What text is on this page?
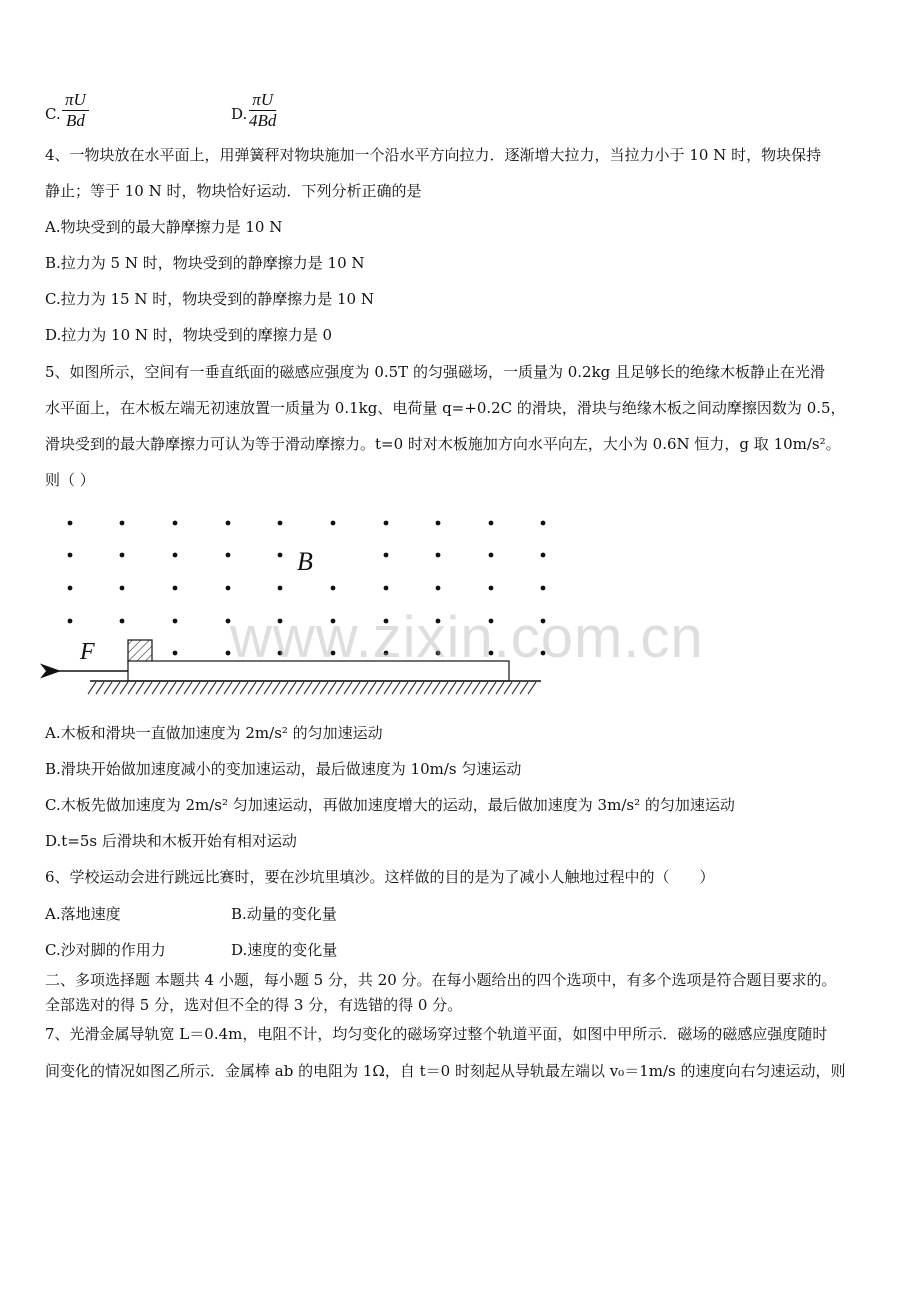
C. $\frac{\pi U}{Bd}$	D. $\frac{\pi U}{4Bd}$
4、一物块放在水平面上，用弹簧秤对物块施加一个沿水平方向拉力．逐渐增大拉力，当拉力小于 10 N 时，物块保持
静止；等于 10 N 时，物块恰好运动．下列分析正确的是
A.物块受到的最大静摩擦力是 10 N
B.拉力为 5 N 时，物块受到的静摩擦力是 10 N
C.拉力为 15 N 时，物块受到的静摩擦力是 10 N
D.拉力为 10 N 时，物块受到的摩擦力是 0
5、如图所示，空间有一垂直纸面的磁感应强度为 0.5T 的匀强磁场，一质量为 0.2kg 且足够长的绝缘木板静止在光滑
水平面上，在木板左端无初速放置一质量为 0.1kg、电荷量 q=+0.2C 的滑块，滑块与绝缘木板之间动摩擦因数为 0.5，
滑块受到的最大静摩擦力可认为等于滑动摩擦力。t=0 时对木板施加方向水平向左，大小为 0.6N 恒力，g 取 10m/s²。
则（ ）
B
F www.zixin.com.cn
A.木板和滑块一直做加速度为 2m/s² 的匀加速运动
B.滑块开始做加速度减小的变加速运动，最后做速度为 10m/s 匀速运动
C.木板先做加速度为 2m/s² 匀加速运动，再做加速度增大的运动，最后做加速度为 3m/s² 的匀加速运动
D.t=5s 后滑块和木板开始有相对运动
6、学校运动会进行跳远比赛时，要在沙坑里填沙。这样做的目的是为了减小人触地过程中的（　　）
A.落地速度	B.动量的变化量
C.沙对脚的作用力	D.速度的变化量
二、多项选择题 本题共 4 小题，每小题 5 分，共 20 分。在每小题给出的四个选项中，有多个选项是符合题目要求的。
全部选对的得 5 分，选对但不全的得 3 分，有选错的得 0 分。
7、光滑金属导轨宽 L＝0.4m，电阻不计，均匀变化的磁场穿过整个轨道平面，如图中甲所示．磁场的磁感应强度随时
间变化的情况如图乙所示．金属棒 ab 的电阻为 1Ω，自 t＝0 时刻起从导轨最左端以 v₀＝1m/s 的速度向右匀速运动，则
